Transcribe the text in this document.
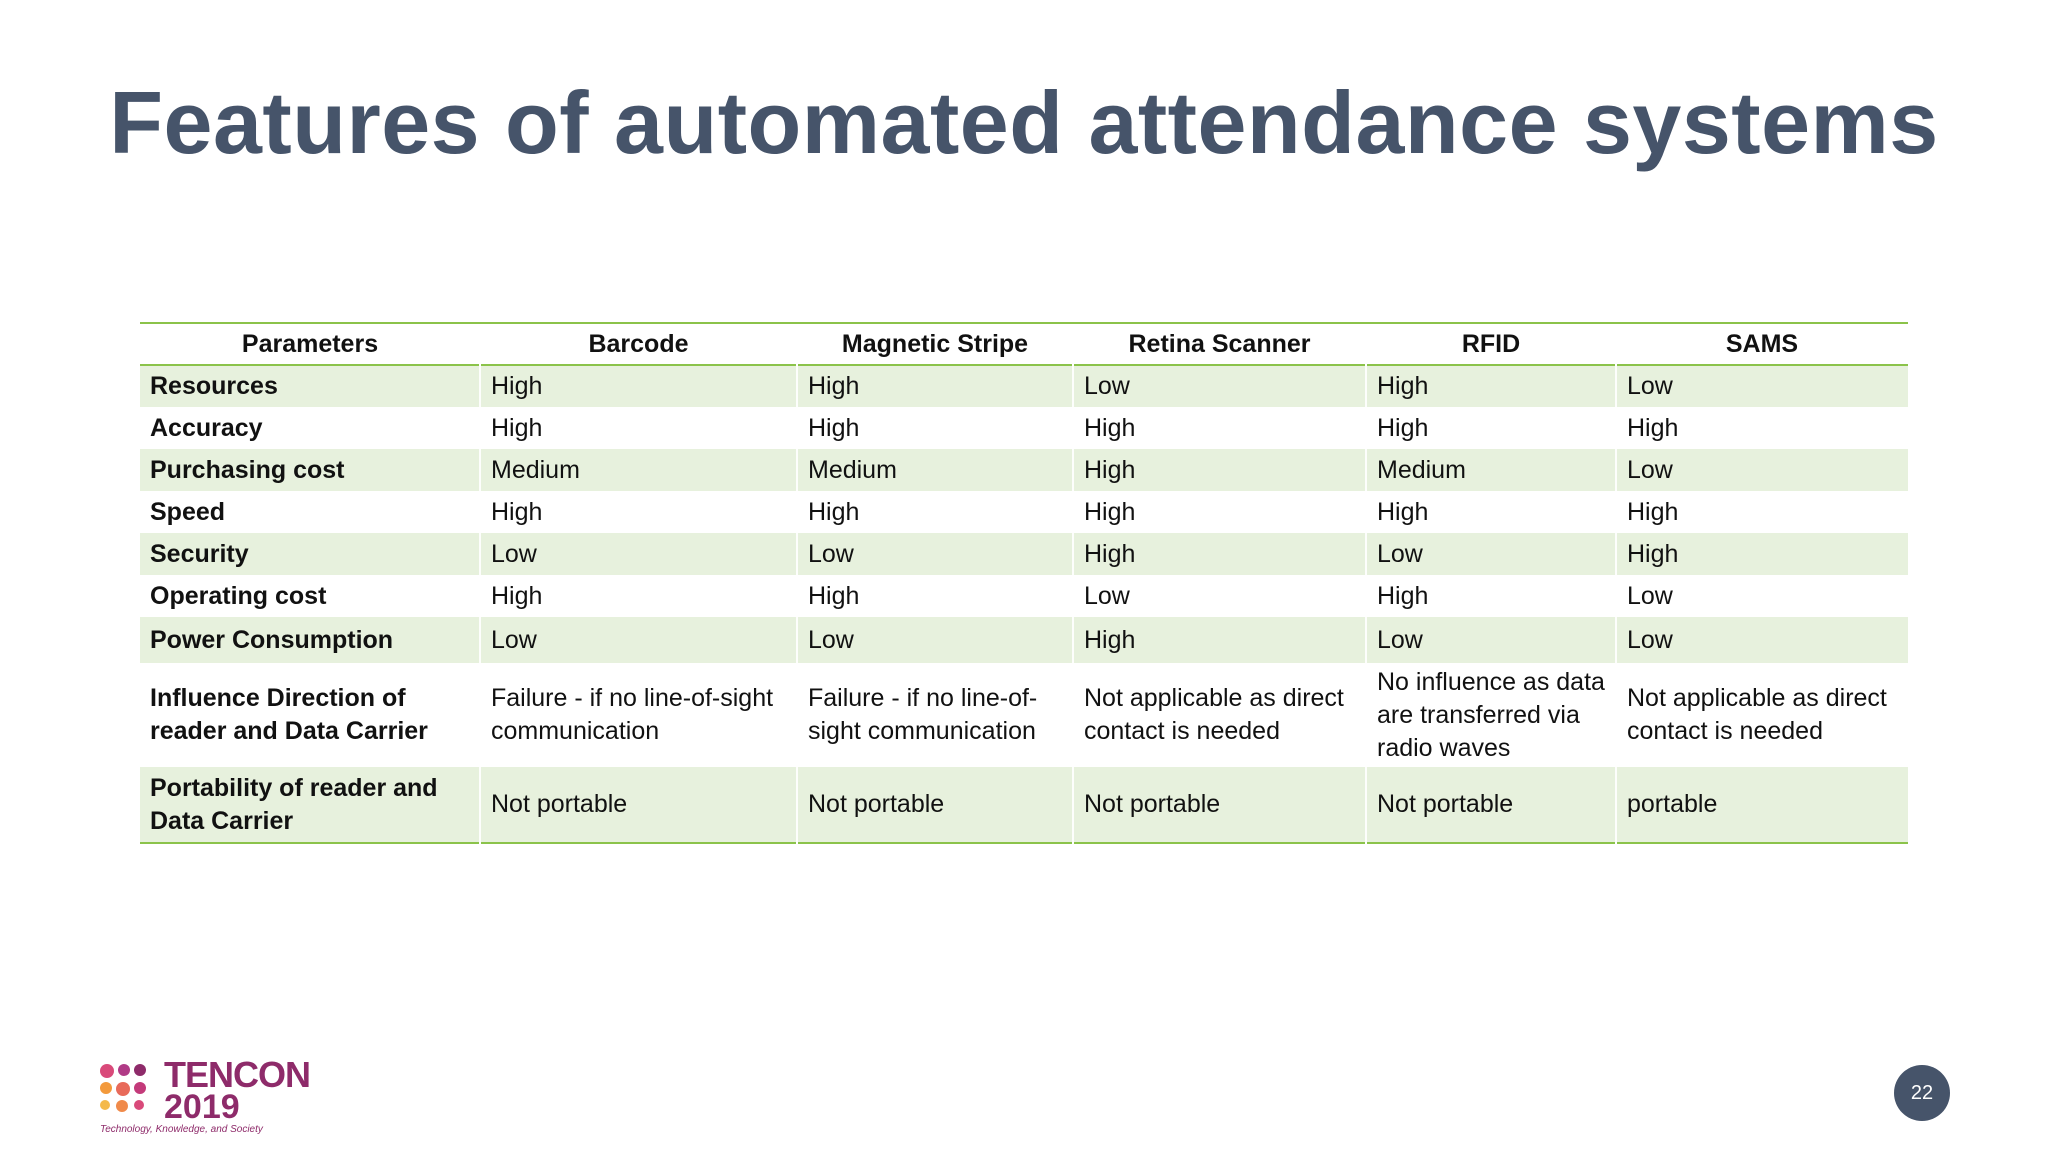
Features of automated attendance systems
Parameters	Barcode	Magnetic Stripe	Retina Scanner	RFID	SAMS
Resources	High	High	Low	High	Low
Accuracy	High	High	High	High	High
Purchasing cost	Medium	Medium	High	Medium	Low
Speed	High	High	High	High	High
Security	Low	Low	High	Low	High
Operating cost	High	High	Low	High	Low
Power Consumption	Low	Low	High	Low	Low
Influence Direction of reader and Data Carrier	Failure - if no line-of-sight communication	Failure - if no line-of-sight communication	Not applicable as direct contact is needed	No influence as data are transferred via radio waves	Not applicable as direct contact is needed
Portability of reader and Data Carrier	Not portable	Not portable	Not portable	Not portable	portable
TENCON
2019
Technology, Knowledge, and Society
22
